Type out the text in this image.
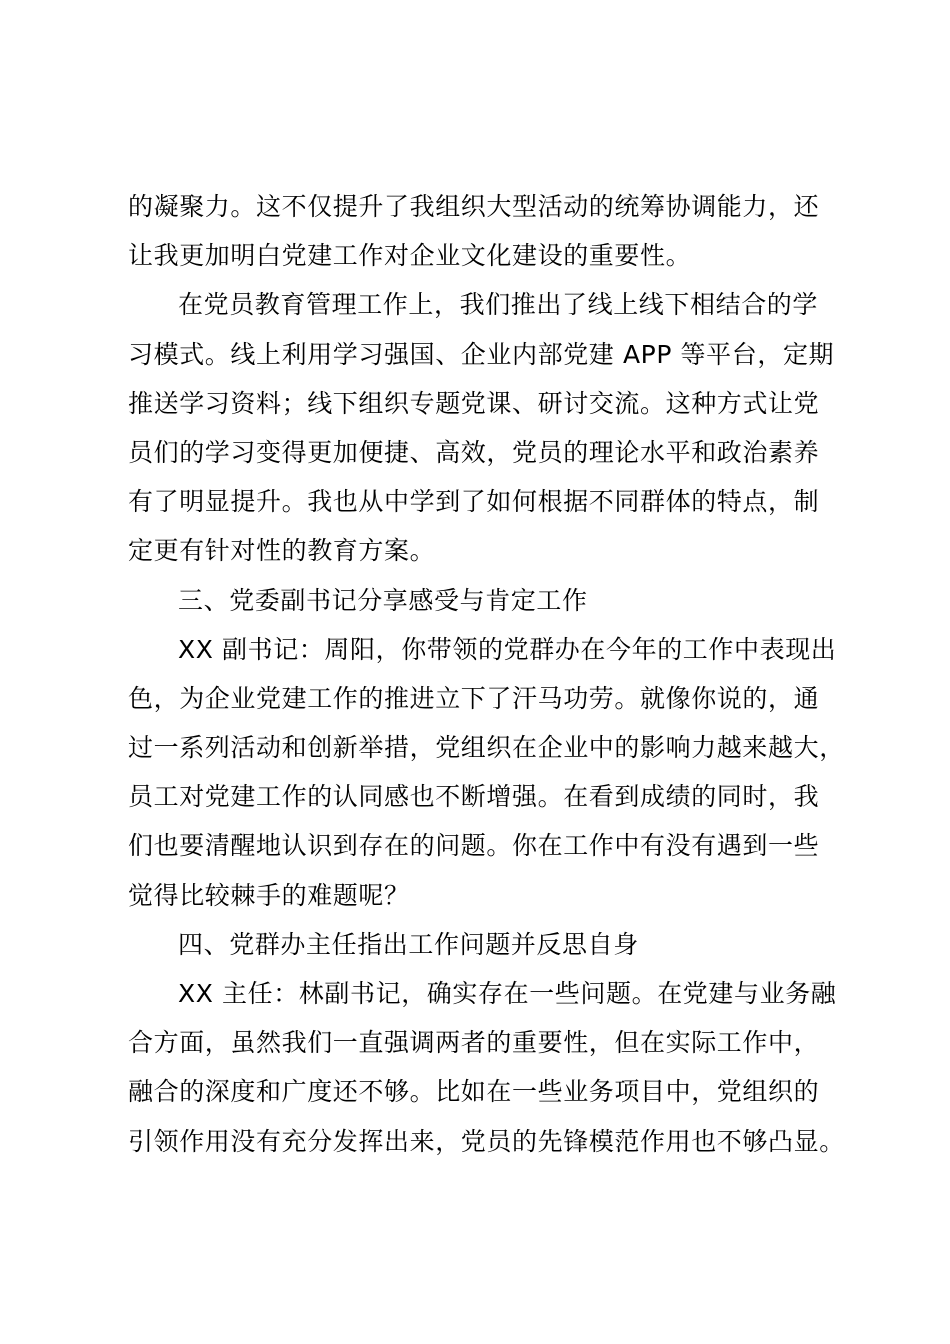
的凝聚力。这不仅提升了我组织大型活动的统筹协调能力，还
让我更加明白党建工作对企业文化建设的重要性。
在党员教育管理工作上，我们推出了线上线下相结合的学
习模式。线上利用学习强国、企业内部党建 APP 等平台，定期
推送学习资料；线下组织专题党课、研讨交流。这种方式让党
员们的学习变得更加便捷、高效，党员的理论水平和政治素养
有了明显提升。我也从中学到了如何根据不同群体的特点，制
定更有针对性的教育方案。
三、党委副书记分享感受与肯定工作
XX 副书记：周阳，你带领的党群办在今年的工作中表现出
色，为企业党建工作的推进立下了汗马功劳。就像你说的，通
过一系列活动和创新举措，党组织在企业中的影响力越来越大，
员工对党建工作的认同感也不断增强。在看到成绩的同时，我
们也要清醒地认识到存在的问题。你在工作中有没有遇到一些
觉得比较棘手的难题呢？
四、党群办主任指出工作问题并反思自身
XX 主任：林副书记，确实存在一些问题。在党建与业务融
合方面，虽然我们一直强调两者的重要性，但在实际工作中，
融合的深度和广度还不够。比如在一些业务项目中，党组织的
引领作用没有充分发挥出来，党员的先锋模范作用也不够凸显。
